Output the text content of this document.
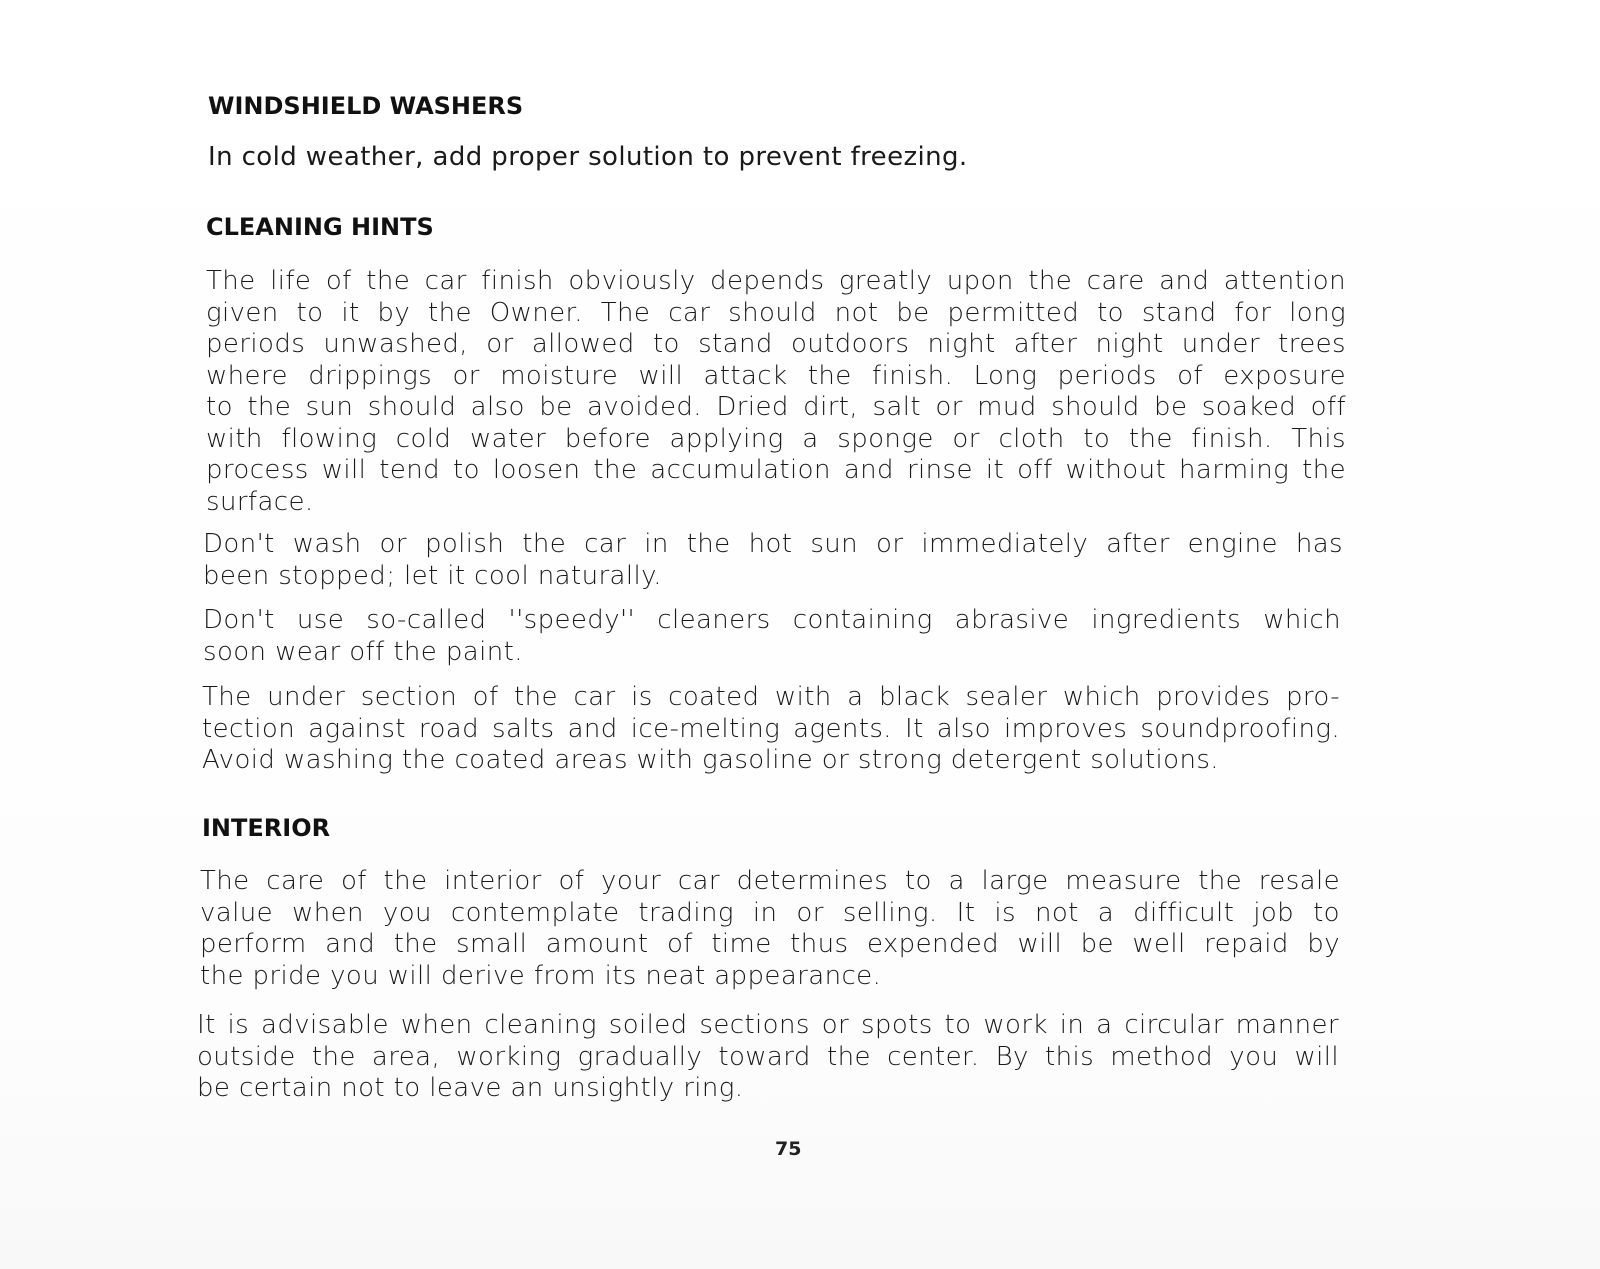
WINDSHIELD WASHERS
In cold weather, add proper solution to prevent freezing.
CLEANING HINTS
The life of the car finish obviously depends greatly upon the care and attention
given to it by the Owner. The car should not be permitted to stand for long
periods unwashed, or allowed to stand outdoors night after night under trees
where drippings or moisture will attack the finish. Long periods of exposure
to the sun should also be avoided. Dried dirt, salt or mud should be soaked off
with flowing cold water before applying a sponge or cloth to the finish. This
process will tend to loosen the accumulation and rinse it off without harming the
surface.
Don't wash or polish the car in the hot sun or immediately after engine has
been stopped; let it cool naturally.
Don't use so-called ''speedy'' cleaners containing abrasive ingredients which
soon wear off the paint.
The under section of the car is coated with a black sealer which provides pro-
tection against road salts and ice-melting agents. It also improves soundproofing.
Avoid washing the coated areas with gasoline or strong detergent solutions.
INTERIOR
The care of the interior of your car determines to a large measure the resale
value when you contemplate trading in or selling. It is not a difficult job to
perform and the small amount of time thus expended will be well repaid by
the pride you will derive from its neat appearance.
It is advisable when cleaning soiled sections or spots to work in a circular manner
outside the area, working gradually toward the center. By this method you will
be certain not to leave an unsightly ring.
75
